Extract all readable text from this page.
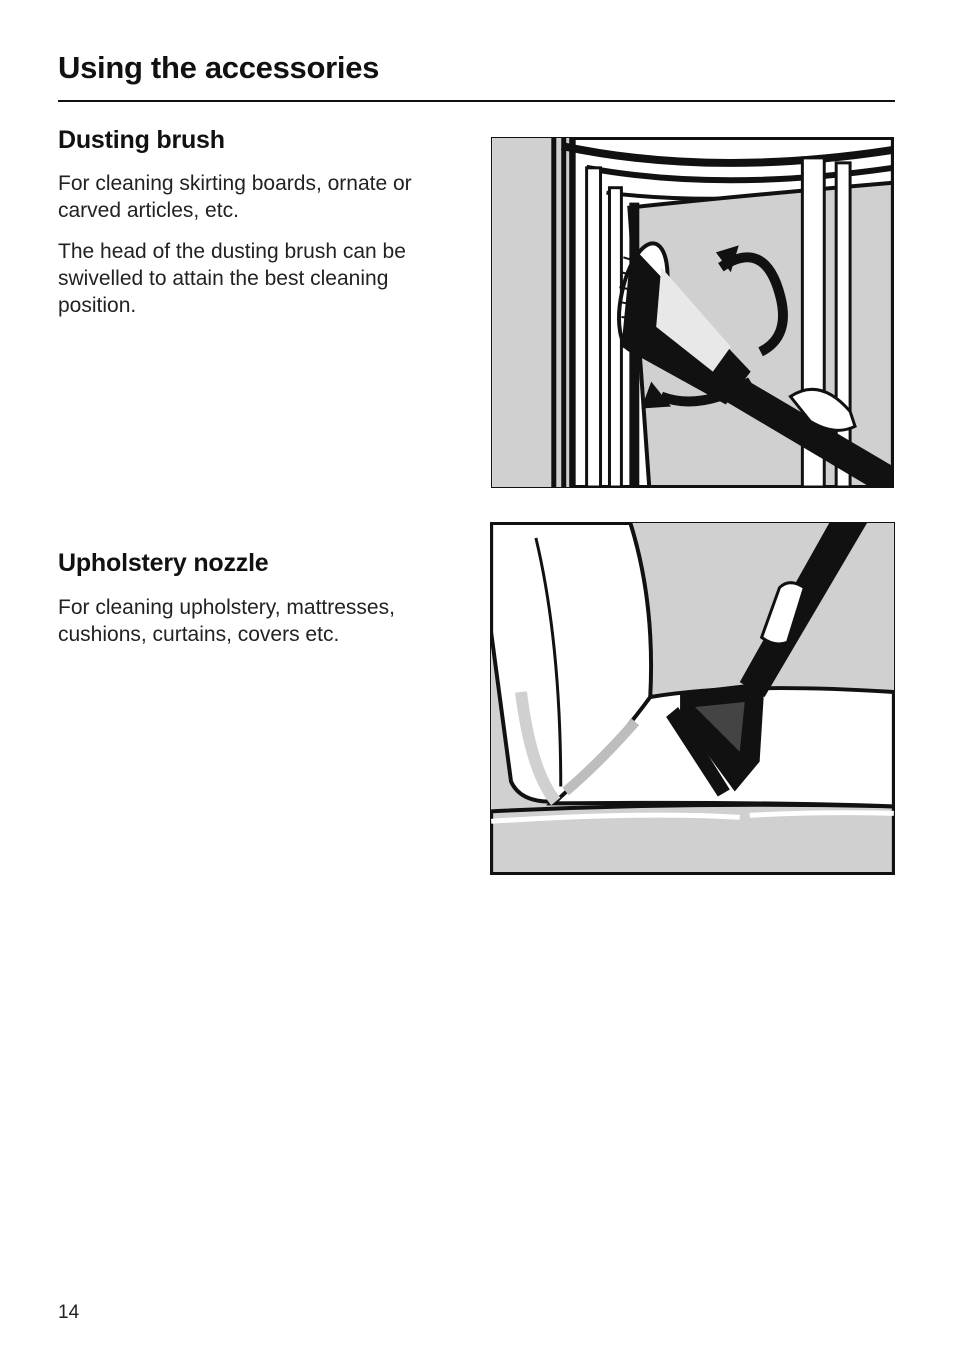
Using the accessories
Dusting brush

For cleaning skirting boards, ornate or carved articles, etc.

The head of the dusting brush can be swivelled to attain the best cleaning position.

Upholstery nozzle

For cleaning upholstery, mattresses, cushions, curtains, covers etc.

14
